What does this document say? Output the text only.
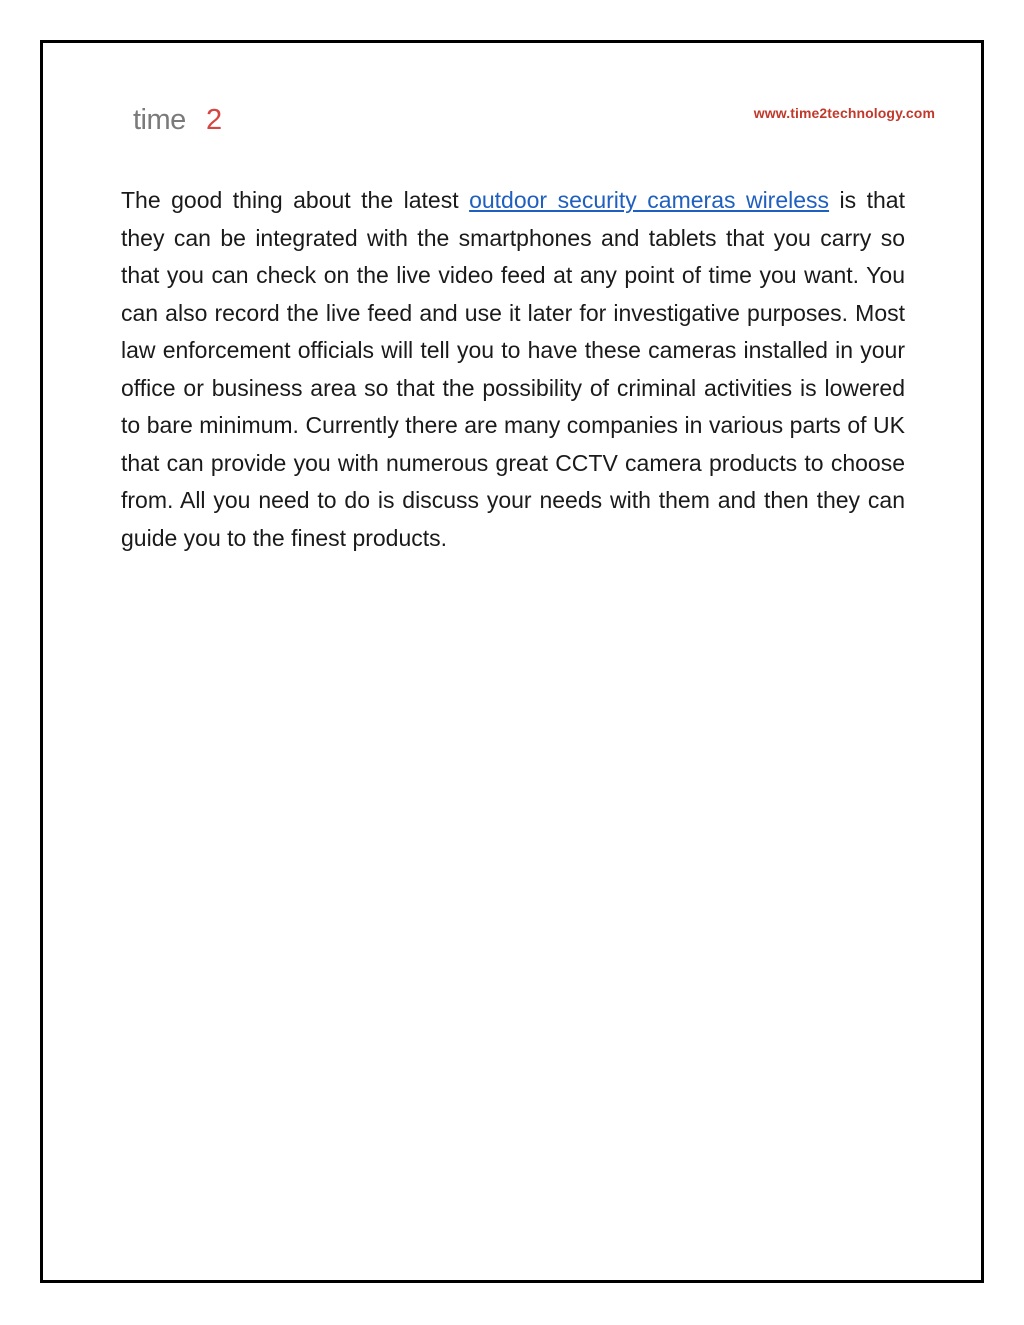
time 2	www.time2technology.com

The good thing about the latest outdoor security cameras wireless is that they can be integrated with the smartphones and tablets that you carry so that you can check on the live video feed at any point of time you want. You can also record the live feed and use it later for investigative purposes. Most law enforcement officials will tell you to have these cameras installed in your office or business area so that the possibility of criminal activities is lowered to bare minimum. Currently there are many companies in various parts of UK that can provide you with numerous great CCTV camera products to choose from. All you need to do is discuss your needs with them and then they can guide you to the finest products.
